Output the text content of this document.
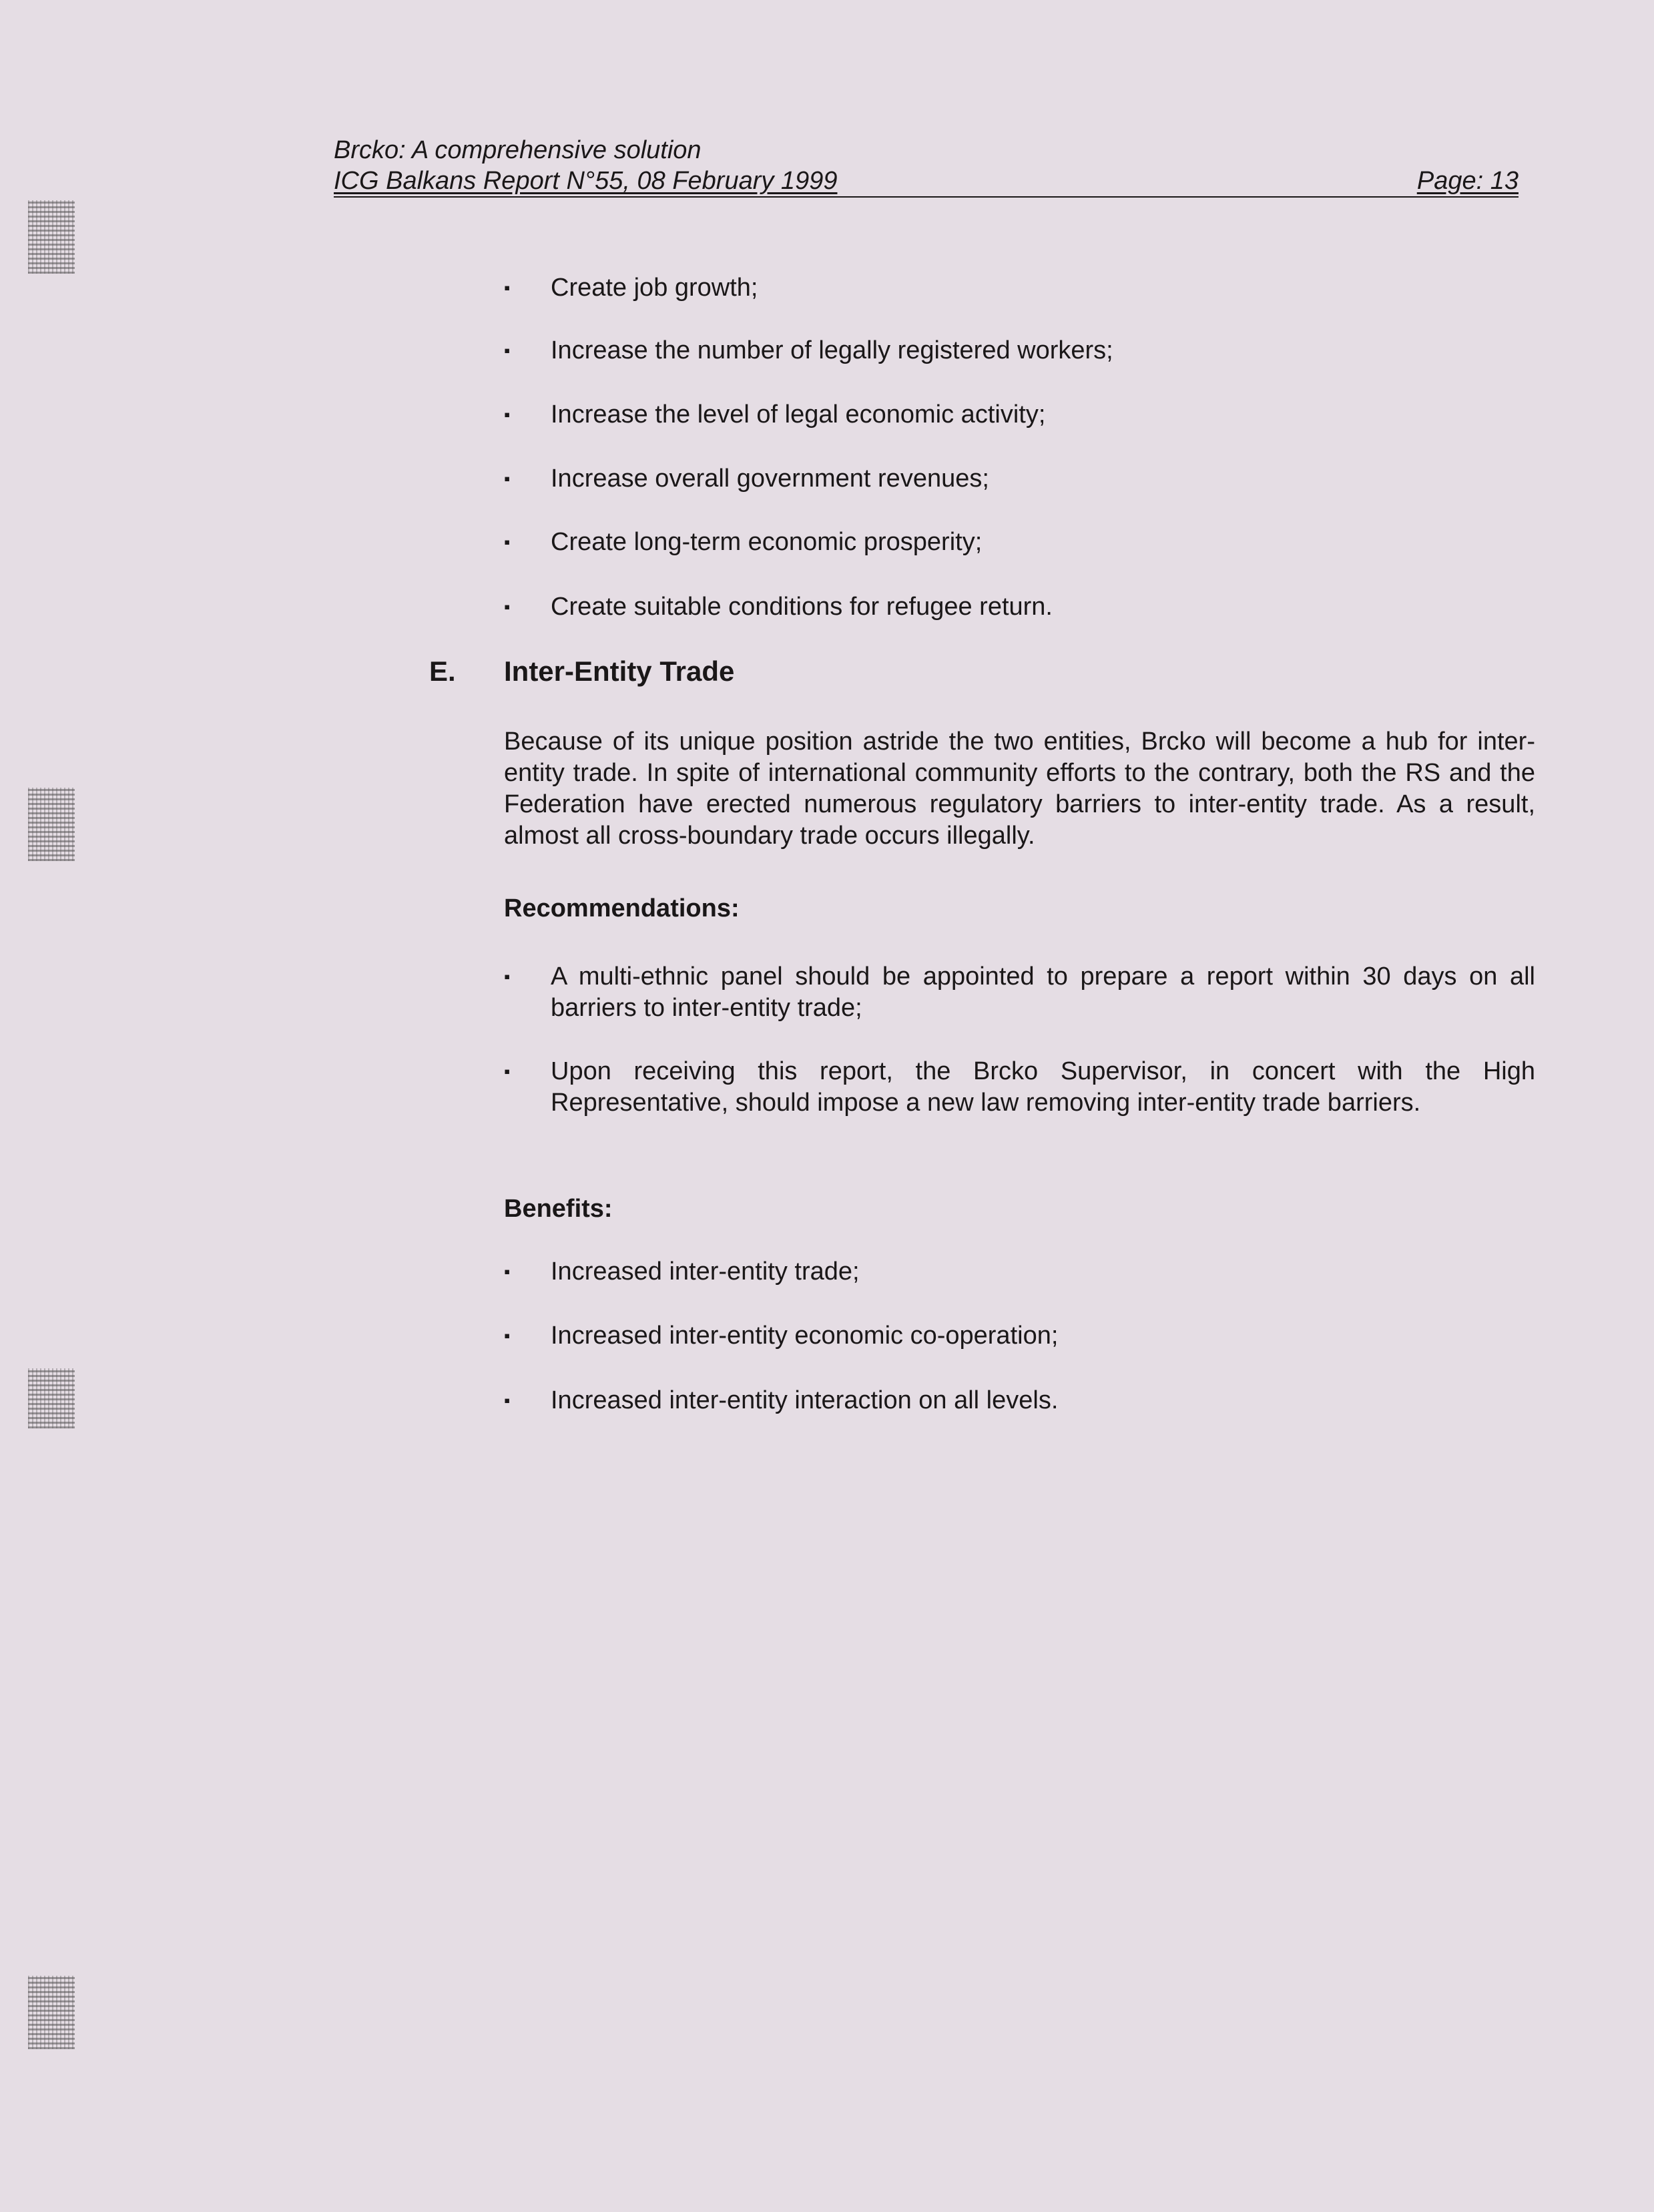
Brcko: A comprehensive solution
ICG Balkans Report N°55, 08 February 1999	Page: 13
▪	Create job growth;
▪	Increase the number of legally registered workers;
▪	Increase the level of legal economic activity;
▪	Increase overall government revenues;
▪	Create long-term economic prosperity;
▪	Create suitable conditions for refugee return.
E. Inter-Entity Trade
Because of its unique position astride the two entities, Brcko will become a hub for inter-entity trade. In spite of international community efforts to the contrary, both the RS and the Federation have erected numerous regulatory barriers to inter-entity trade. As a result, almost all cross-boundary trade occurs illegally.
Recommendations:
▪	A multi-ethnic panel should be appointed to prepare a report within 30 days on all barriers to inter-entity trade;
▪	Upon receiving this report, the Brcko Supervisor, in concert with the High Representative, should impose a new law removing inter-entity trade barriers.
Benefits:
▪	Increased inter-entity trade;
▪	Increased inter-entity economic co-operation;
▪	Increased inter-entity interaction on all levels.
